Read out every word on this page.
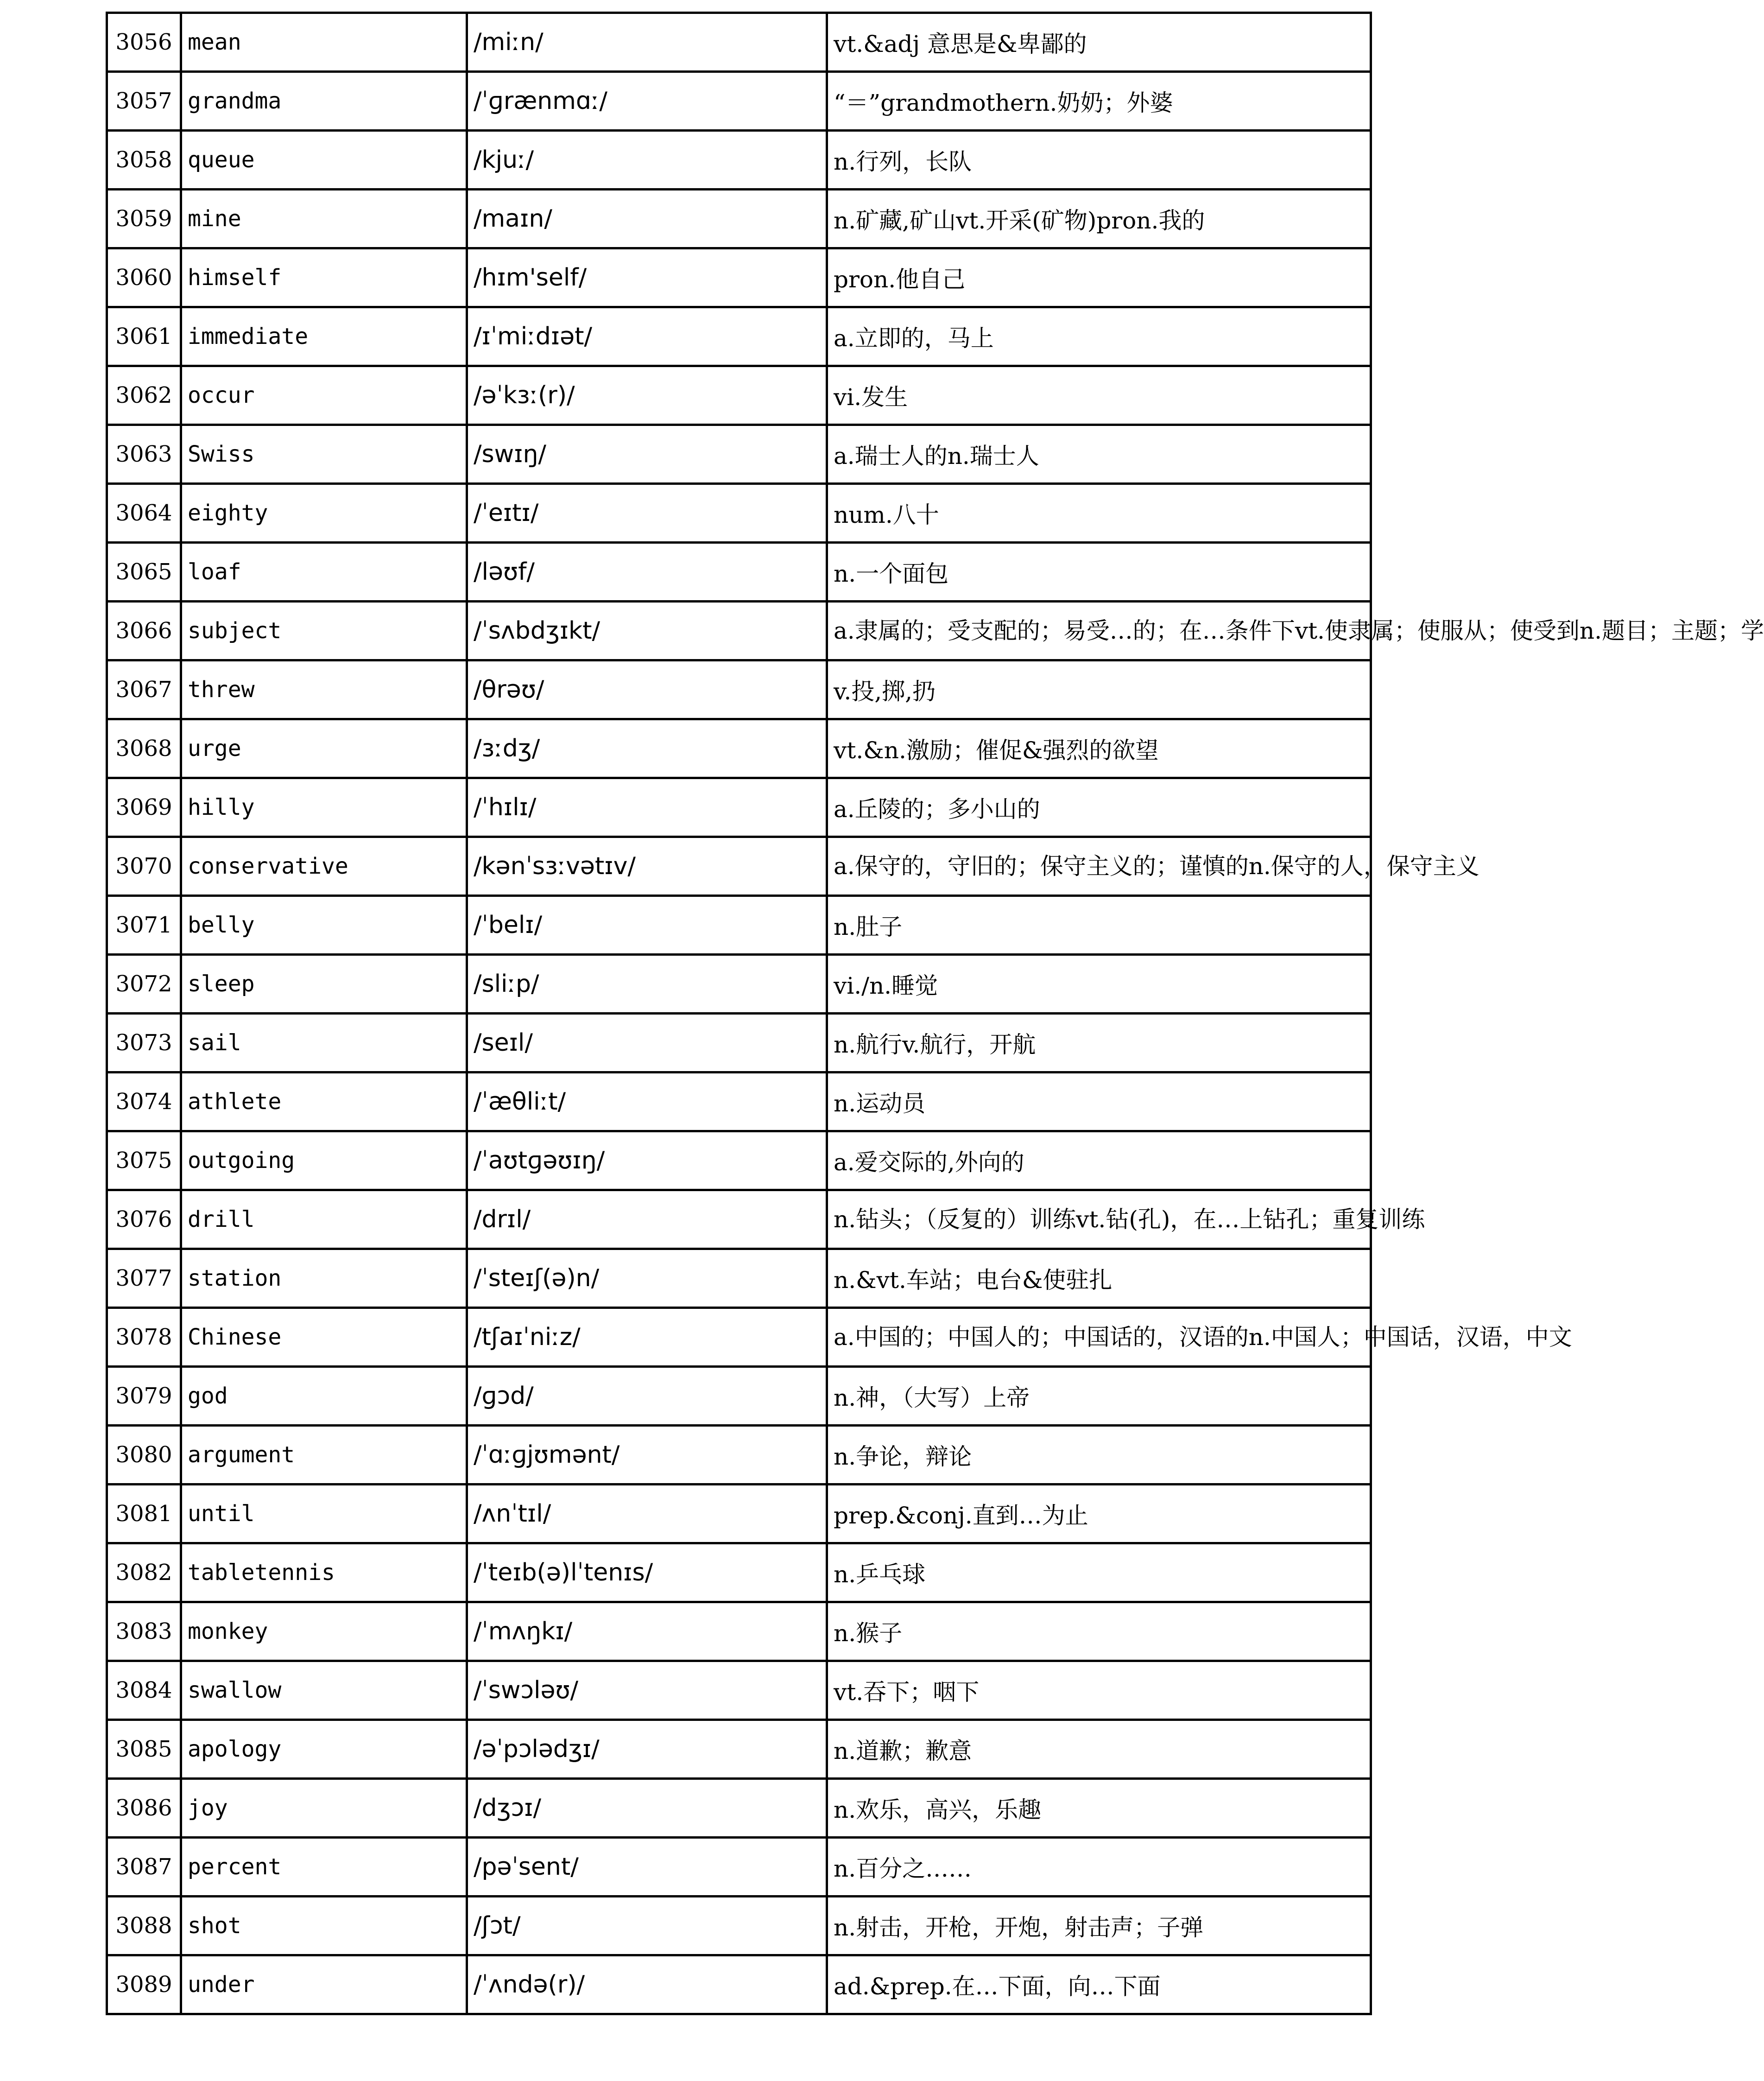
3056	mean	/miːn/	vt.&adj 意思是&卑鄙的
3057	grandma	/ˈɡrænmɑː/	“＝”grandmothern.奶奶；外婆
3058	queue	/kjuː/	n.行列，长队
3059	mine	/maɪn/	n.矿藏,矿山vt.开采(矿物)pron.我的
3060	himself	/hɪm'self/	pron.他自己
3061	immediate	/ɪˈmiːdɪət/	a.立即的，马上
3062	occur	/əˈkɜː(r)/	vi.发生
3063	Swiss	/swɪŋ/	a.瑞士人的n.瑞士人
3064	eighty	/ˈeɪtɪ/	num.八十
3065	loaf	/ləʊf/	n.一个面包
3066	subject	/ˈsʌbdʒɪkt/	a.隶属的；受支配的；易受…的；在…条件下vt.使隶属；使服从；使受到n.题目；主题；学

3067	threw	/θrəʊ/	v.投,掷,扔
3068	urge	/ɜːdʒ/	vt.&n.激励；催促&强烈的欲望
3069	hilly	/ˈhɪlɪ/	a.丘陵的；多小山的
3070	conservative	/kənˈsɜːvətɪv/	a.保守的，守旧的；保守主义的；谨慎的n.保守的人，保守主义

3071	belly	/ˈbelɪ/	n.肚子
3072	sleep	/sliːp/	vi./n.睡觉
3073	sail	/seɪl/	n.航行v.航行，开航
3074	athlete	/ˈæθliːt/	n.运动员
3075	outgoing	/ˈaʊtɡəʊɪŋ/	a.爱交际的,外向的
3076	drill	/drɪl/	n.钻头；（反复的）训练vt.钻(孔)，在…上钻孔；重复训练

3077	station	/ˈsteɪʃ(ə)n/	n.&vt.车站；电台&使驻扎
3078	Chinese	/tʃaɪˈniːz/	a.中国的；中国人的；中国话的，汉语的n.中国人；中国话，汉语，中文

3079	god	/ɡɔd/	n.神，（大写）上帝
3080	argument	/ˈɑːɡjʊmənt/	n.争论，辩论
3081	until	/ʌnˈtɪl/	prep.&conj.直到…为止
3082	tabletennis	/ˈteɪb(ə)lˈtenɪs/	n.乒乓球
3083	monkey	/ˈmʌŋkɪ/	n.猴子
3084	swallow	/ˈswɔləʊ/	vt.吞下；咽下
3085	apology	/əˈpɔlədʒɪ/	n.道歉；歉意
3086	joy	/dʒɔɪ/	n.欢乐，高兴，乐趣
3087	percent	/pəˈsent/	n.百分之……
3088	shot	/ʃɔt/	n.射击，开枪，开炮，射击声；子弹
3089	under	/ˈʌndə(r)/	ad.&prep.在…下面，向…下面
